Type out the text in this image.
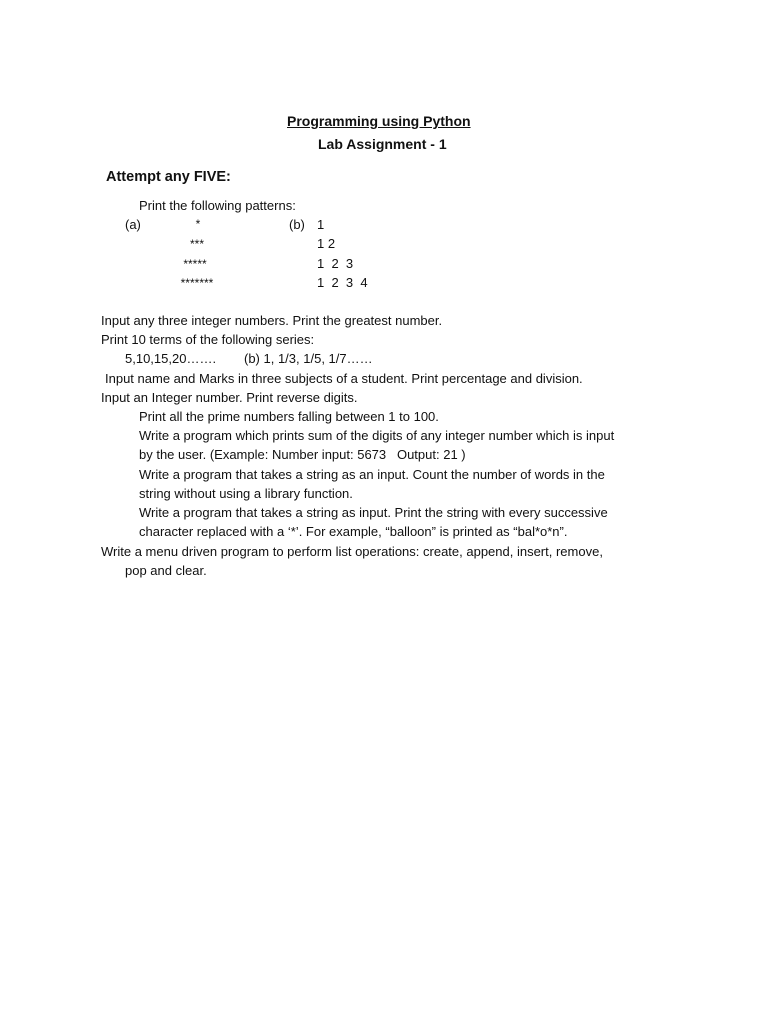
Programming using Python

Lab Assignment - 1

Attempt any FIVE:

Print the following patterns:

(a)	(b)

*

***

*****

*******

1

1 2

1  2  3

1  2  3  4

Input any three integer numbers. Print the greatest number.

Print 10 terms of the following series:

5,10,15,20……. (b) 1, 1/3, 1/5, 1/7……

Input name and Marks in three subjects of a student. Print percentage and division.

Input an Integer number. Print reverse digits.

Print all the prime numbers falling between 1 to 100.

Write a program which prints sum of the digits of any integer number which is input

by the user. (Example: Number input: 5673   Output: 21 )

Write a program that takes a string as an input. Count the number of words in the

string without using a library function.

Write a program that takes a string as input. Print the string with every successive

character replaced with a ‘*’. For example, “balloon” is printed as “bal*o*n”.

Write a menu driven program to perform list operations: create, append, insert, remove,

pop and clear.
